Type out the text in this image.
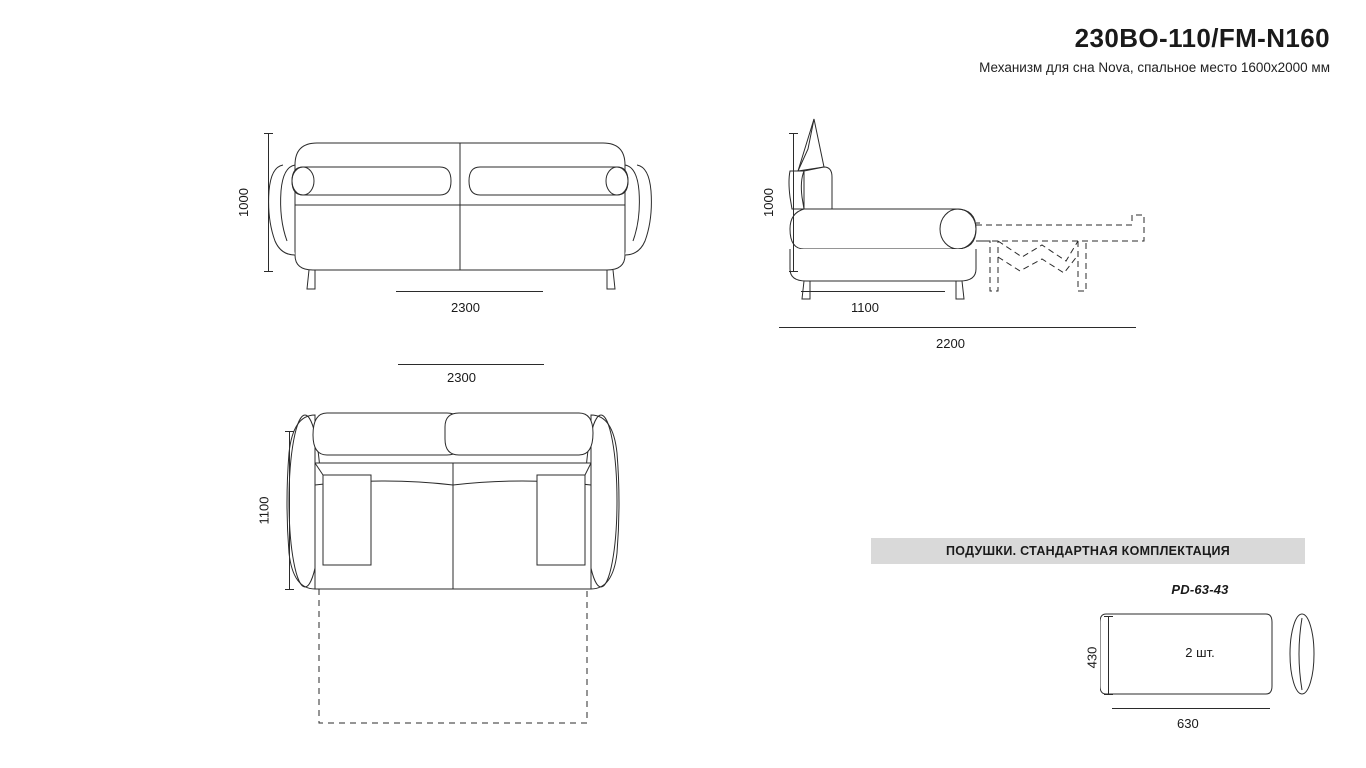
230BO-110/FM-N160
Механизм для сна Nova, спальное место 1600х2000 мм
1000
2300
1000
1100
2200
2300
1100
ПОДУШКИ. СТАНДАРТНАЯ КОМПЛЕКТАЦИЯ
PD-63-43
2 шт.
430
630
